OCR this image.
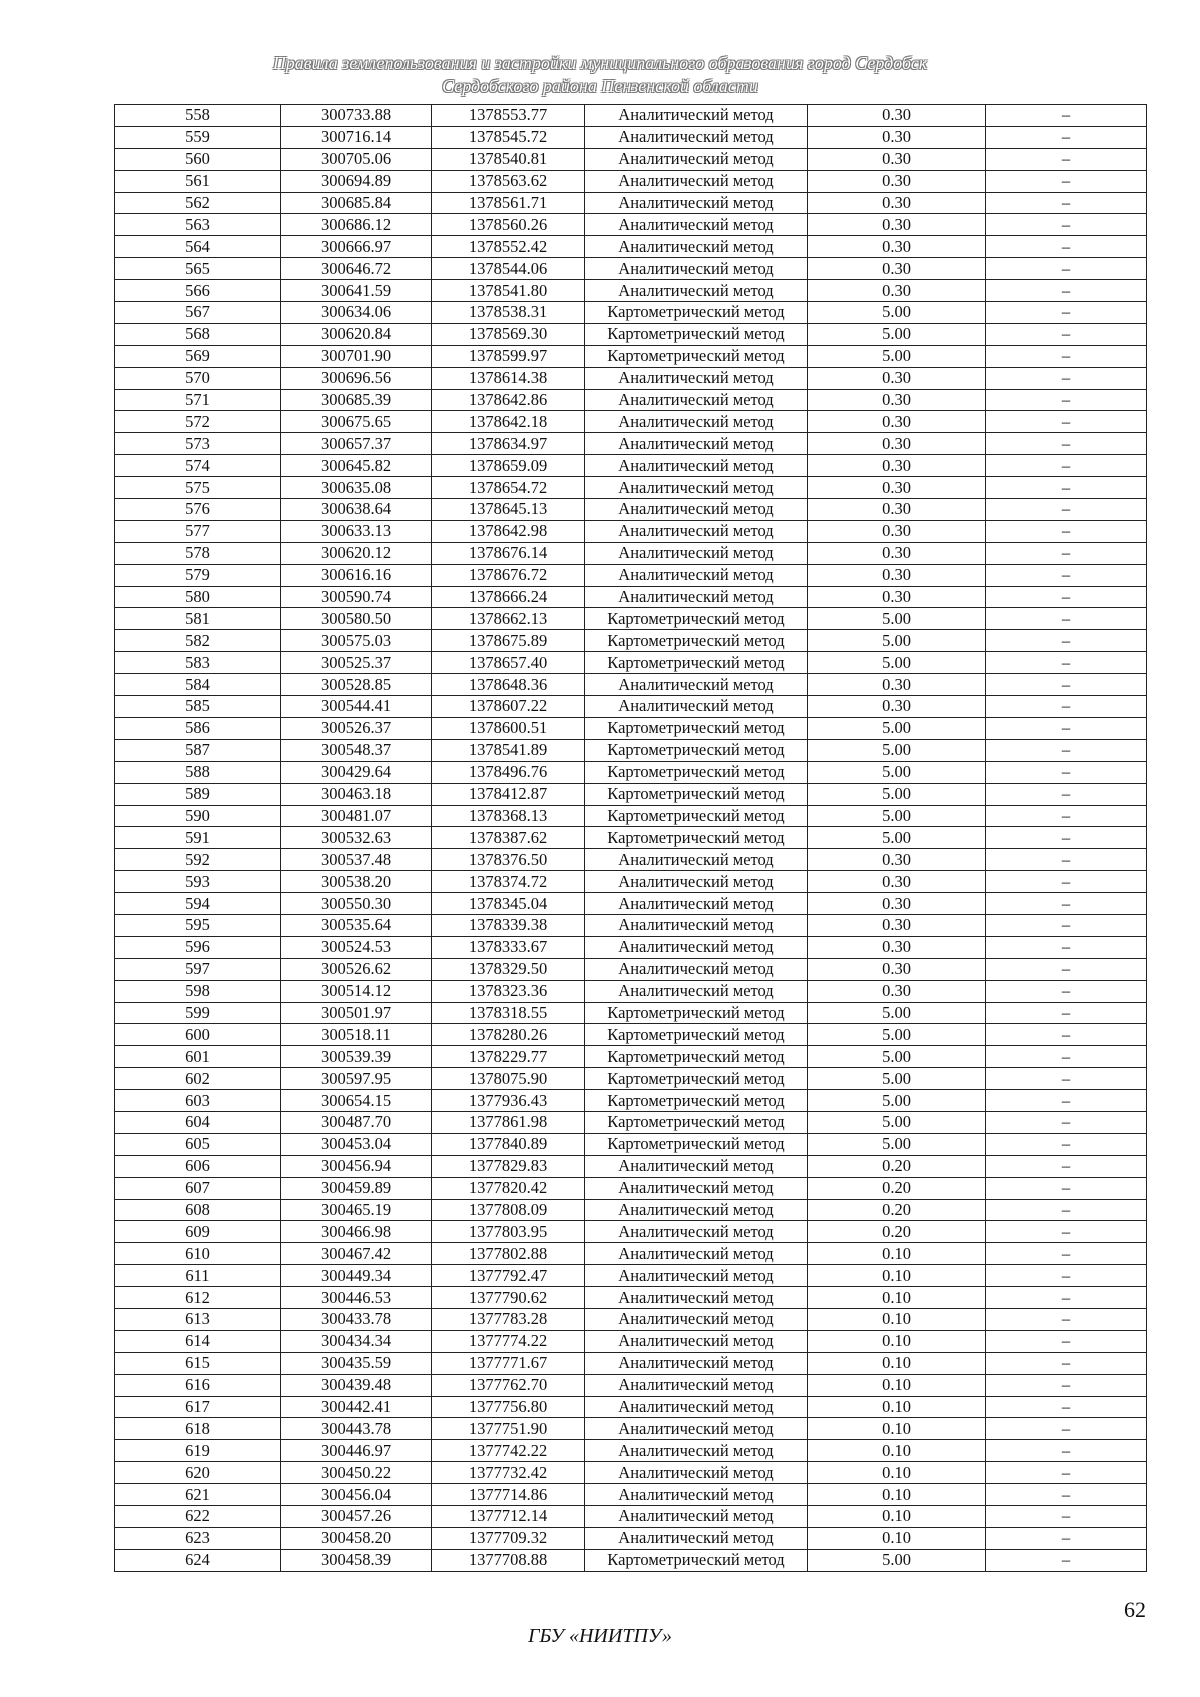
Правила землепользования и застройки муниципального образования город Сердобск
Сердобского района Пензенской области
558	300733.88	1378553.77	Аналитический метод	0.30	–
559	300716.14	1378545.72	Аналитический метод	0.30	–
560	300705.06	1378540.81	Аналитический метод	0.30	–
561	300694.89	1378563.62	Аналитический метод	0.30	–
562	300685.84	1378561.71	Аналитический метод	0.30	–
563	300686.12	1378560.26	Аналитический метод	0.30	–
564	300666.97	1378552.42	Аналитический метод	0.30	–
565	300646.72	1378544.06	Аналитический метод	0.30	–
566	300641.59	1378541.80	Аналитический метод	0.30	–
567	300634.06	1378538.31	Картометрический метод	5.00	–
568	300620.84	1378569.30	Картометрический метод	5.00	–
569	300701.90	1378599.97	Картометрический метод	5.00	–
570	300696.56	1378614.38	Аналитический метод	0.30	–
571	300685.39	1378642.86	Аналитический метод	0.30	–
572	300675.65	1378642.18	Аналитический метод	0.30	–
573	300657.37	1378634.97	Аналитический метод	0.30	–
574	300645.82	1378659.09	Аналитический метод	0.30	–
575	300635.08	1378654.72	Аналитический метод	0.30	–
576	300638.64	1378645.13	Аналитический метод	0.30	–
577	300633.13	1378642.98	Аналитический метод	0.30	–
578	300620.12	1378676.14	Аналитический метод	0.30	–
579	300616.16	1378676.72	Аналитический метод	0.30	–
580	300590.74	1378666.24	Аналитический метод	0.30	–
581	300580.50	1378662.13	Картометрический метод	5.00	–
582	300575.03	1378675.89	Картометрический метод	5.00	–
583	300525.37	1378657.40	Картометрический метод	5.00	–
584	300528.85	1378648.36	Аналитический метод	0.30	–
585	300544.41	1378607.22	Аналитический метод	0.30	–
586	300526.37	1378600.51	Картометрический метод	5.00	–
587	300548.37	1378541.89	Картометрический метод	5.00	–
588	300429.64	1378496.76	Картометрический метод	5.00	–
589	300463.18	1378412.87	Картометрический метод	5.00	–
590	300481.07	1378368.13	Картометрический метод	5.00	–
591	300532.63	1378387.62	Картометрический метод	5.00	–
592	300537.48	1378376.50	Аналитический метод	0.30	–
593	300538.20	1378374.72	Аналитический метод	0.30	–
594	300550.30	1378345.04	Аналитический метод	0.30	–
595	300535.64	1378339.38	Аналитический метод	0.30	–
596	300524.53	1378333.67	Аналитический метод	0.30	–
597	300526.62	1378329.50	Аналитический метод	0.30	–
598	300514.12	1378323.36	Аналитический метод	0.30	–
599	300501.97	1378318.55	Картометрический метод	5.00	–
600	300518.11	1378280.26	Картометрический метод	5.00	–
601	300539.39	1378229.77	Картометрический метод	5.00	–
602	300597.95	1378075.90	Картометрический метод	5.00	–
603	300654.15	1377936.43	Картометрический метод	5.00	–
604	300487.70	1377861.98	Картометрический метод	5.00	–
605	300453.04	1377840.89	Картометрический метод	5.00	–
606	300456.94	1377829.83	Аналитический метод	0.20	–
607	300459.89	1377820.42	Аналитический метод	0.20	–
608	300465.19	1377808.09	Аналитический метод	0.20	–
609	300466.98	1377803.95	Аналитический метод	0.20	–
610	300467.42	1377802.88	Аналитический метод	0.10	–
611	300449.34	1377792.47	Аналитический метод	0.10	–
612	300446.53	1377790.62	Аналитический метод	0.10	–
613	300433.78	1377783.28	Аналитический метод	0.10	–
614	300434.34	1377774.22	Аналитический метод	0.10	–
615	300435.59	1377771.67	Аналитический метод	0.10	–
616	300439.48	1377762.70	Аналитический метод	0.10	–
617	300442.41	1377756.80	Аналитический метод	0.10	–
618	300443.78	1377751.90	Аналитический метод	0.10	–
619	300446.97	1377742.22	Аналитический метод	0.10	–
620	300450.22	1377732.42	Аналитический метод	0.10	–
621	300456.04	1377714.86	Аналитический метод	0.10	–
622	300457.26	1377712.14	Аналитический метод	0.10	–
623	300458.20	1377709.32	Аналитический метод	0.10	–
624	300458.39	1377708.88	Картометрический метод	5.00	–
62
ГБУ «НИИТПУ»
